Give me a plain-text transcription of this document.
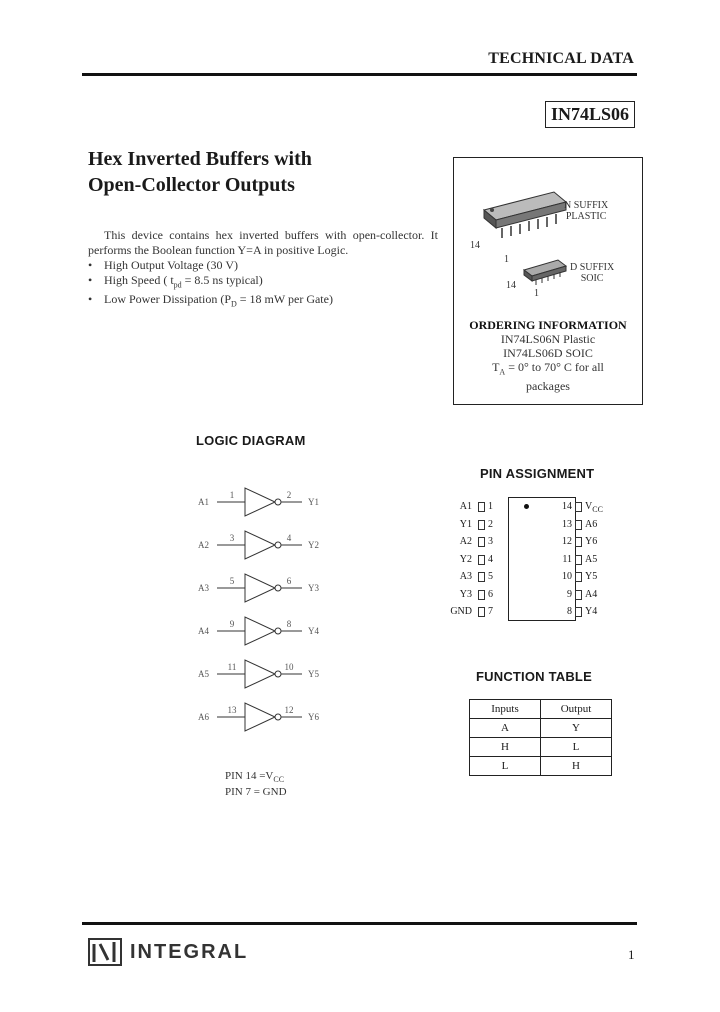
TECHNICAL DATA
IN74LS06
Hex Inverted Buffers with
Open-Collector Outputs

This device contains hex inverted buffers with open-collector. It performs the Boolean function Y=A in positive Logic.

• High Output Voltage (30 V)
• High Speed ( $t_{pd} = 8.5$ ns typical)
• Low Power Dissipation ($P_D = 18$ mW per Gate)
N SUFFIX
PLASTIC
14
1
D SUFFIX
SOIC
14
1
ORDERING INFORMATION
IN74LS06N Plastic
IN74LS06D SOIC
$T_A = 0^\circ$ to 70° C for all
packages
LOGIC DIAGRAM
A1
1	2
Y1
A2
3	4
Y2
A3
5	6
Y3
A4
9	8
Y4
A5
11	10
Y5
A6
13	12
Y6
PIN $14 =V_{CC}$
PIN 7 = GND
PIN ASSIGNMENT
A1 1
Y1 2
A2 3
Y2 4
A3 5
Y3 6
GND 7
14 $V_{CC}$
13 A6
12 Y6
11 A5
10 Y5
9 A4
8 Y4
FUNCTION TABLE
Inputs	Output
A	Y
H	L
L	H
INTEGRAL	1
